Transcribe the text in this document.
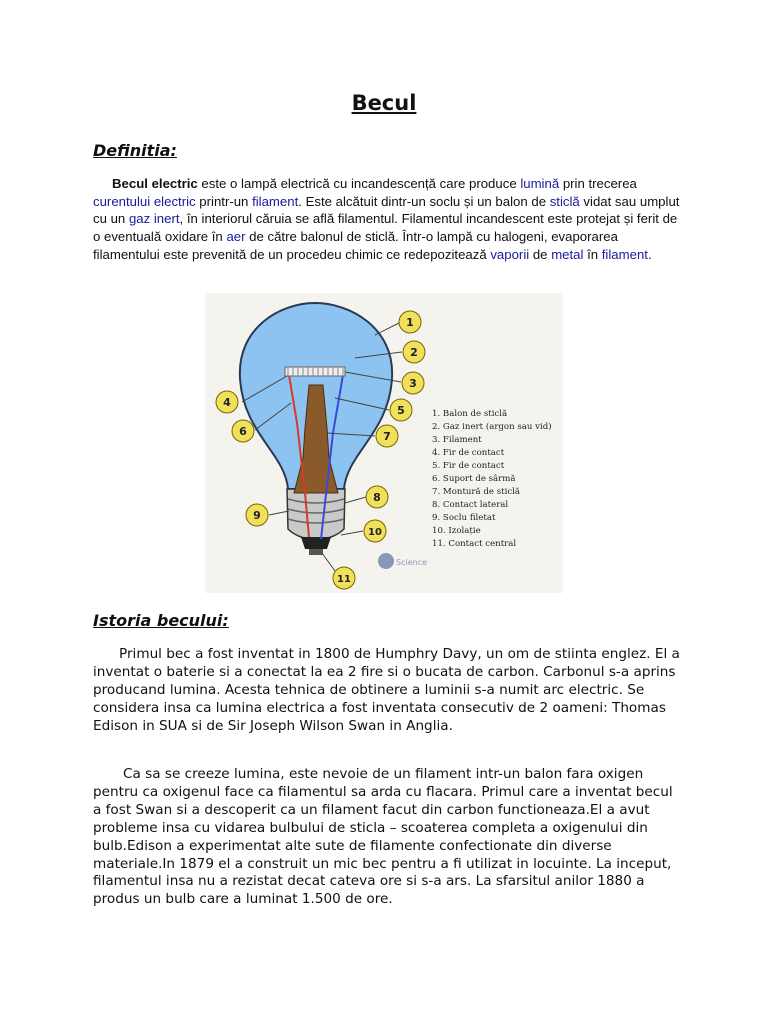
Becul
Definitia:
Becul electric este o lampă electrică cu incandescență care produce lumină prin trecerea curentului electric printr-un filament. Este alcătuit dintr-un soclu și un balon de sticlă vidat sau umplut cu un gaz inert, în interiorul căruia se află filamentul. Filamentul incandescent este protejat și ferit de o eventuală oxidare în aer de către balonul de sticlă. Într-o lampă cu halogeni, evaporarea filamentului este prevenită de un procedeu chimic ce redepozitează vaporii de metal în filament.
1
2
3
4
5
6	7
8
9
10
11
1. Balon de sticlă
2. Gaz inert (argon sau vid)
3. Filament
4. Fir de contact
5. Fir de contact
6. Suport de sârmă
7. Montură de sticlă
8. Contact lateral
9. Soclu filetat
10. Izolație
11. Contact central
Science
Istoria becului:
Primul bec a fost inventat in 1800 de Humphry Davy, un om de stiinta englez. El a inventat o baterie si a conectat la ea 2 fire si o bucata de carbon. Carbonul s-a aprins producand lumina. Acesta tehnica de obtinere a luminii s-a numit arc electric. Se considera insa ca lumina electrica a fost inventata consecutiv de 2 oameni: Thomas Edison in SUA si de Sir Joseph Wilson Swan in Anglia.
Ca sa se creeze lumina, este nevoie de un filament intr-un balon fara oxigen pentru ca oxigenul face ca filamentul sa arda cu flacara. Primul care a inventat becul a fost Swan si a descoperit ca un filament facut din carbon functioneaza.El a avut probleme insa cu vidarea bulbului de sticla – scoaterea completa a oxigenului din bulb.Edison a experimentat alte sute de filamente confectionate din diverse materiale.In 1879 el a construit un mic bec pentru a fi utilizat in locuinte. La inceput, filamentul insa nu a rezistat decat cateva ore si s-a ars. La sfarsitul anilor 1880 a produs un bulb care a luminat 1.500 de ore.
